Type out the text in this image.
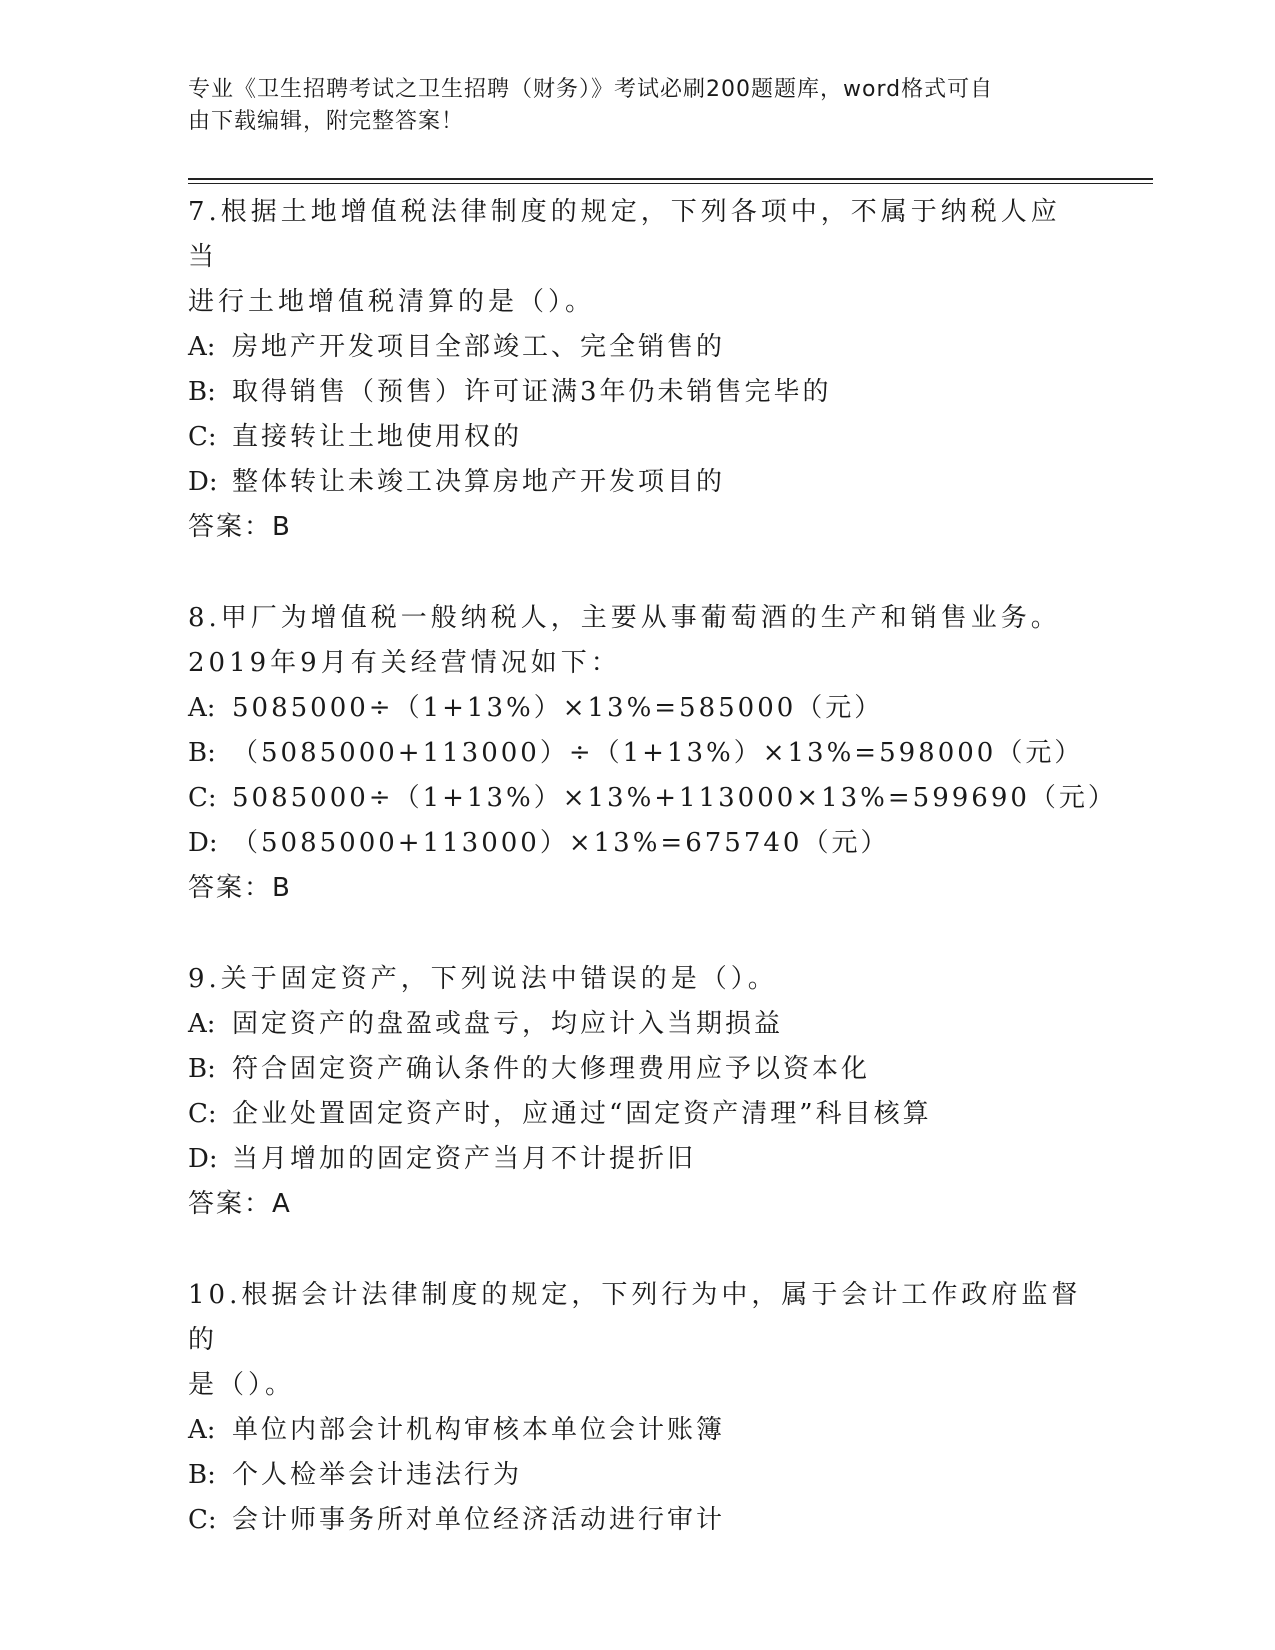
专业《卫生招聘考试之卫生招聘（财务）》考试必刷200题题库，word格式可自
由下载编辑，附完整答案！

7.根据土地增值税法律制度的规定，下列各项中，不属于纳税人应当

进行土地增值税清算的是（）。

A: 房地产开发项目全部竣工、完全销售的

B: 取得销售（预售）许可证满3年仍未销售完毕的

C: 直接转让土地使用权的

D: 整体转让未竣工决算房地产开发项目的

答案：B

8.甲厂为增值税一般纳税人，主要从事葡萄酒的生产和销售业务。

2019年9月有关经营情况如下：

A: 5085000÷（1+13%）×13%=585000（元）

B: （5085000+113000）÷（1+13%）×13%=598000（元）

C: 5085000÷（1+13%）×13%+113000×13%=599690（元）

D: （5085000+113000）×13%=675740（元）

答案：B

9.关于固定资产，下列说法中错误的是（）。

A: 固定资产的盘盈或盘亏，均应计入当期损益

B: 符合固定资产确认条件的大修理费用应予以资本化

C: 企业处置固定资产时，应通过“固定资产清理”科目核算

D: 当月增加的固定资产当月不计提折旧

答案：A

10.根据会计法律制度的规定，下列行为中，属于会计工作政府监督的

是（）。

A: 单位内部会计机构审核本单位会计账簿

B: 个人检举会计违法行为

C: 会计师事务所对单位经济活动进行审计
